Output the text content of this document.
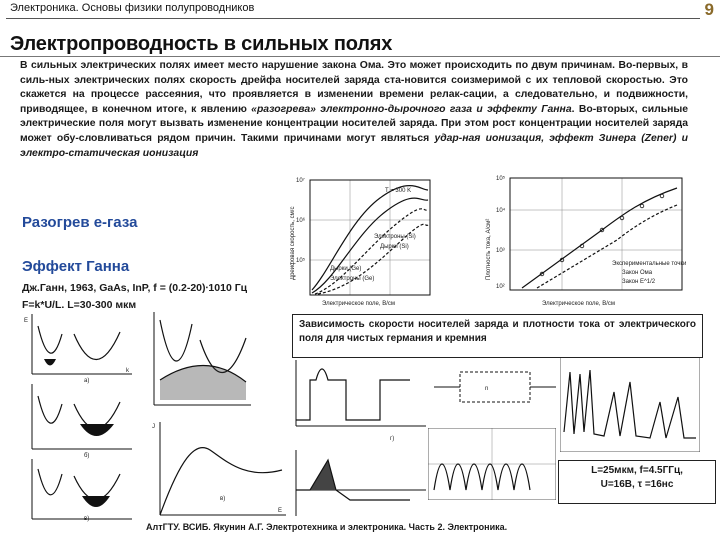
Электроника. Основы физики полупроводников	9
Электропроводность в сильных полях
В сильных электрических полях имеет место нарушение закона Ома. Это может происходить по двум причинам. Во-первых, в силь-ных электрических полях скорость дрейфа носителей заряда ста-новится соизмеримой с их тепловой скоростью. Это скажется на процессе рассеяния, что проявляется в изменении времени релак-сации, а следовательно, и подвижности, приводящее, в конечном итоге, к явлению «разогрева» электронно-дырочного газа и эффекту Ганна. Во-вторых, сильные электрические поля могут вызвать изменение концентрации носителей заряда. При этом рост концентрации носителей заряда может обу-словливаться рядом причин. Такими причинами могут являться удар-ная ионизация, эффект Зинера (Zener) и электро-статическая ионизация
10⁷
10⁶
10⁵
T = 300 K
Электроны (Si)
Дырки (Si)
Дырки (Ge)
Электроны (Ge)
Электрическое поле, В/см
Дрейфовая скорость, см/с
10⁵
10⁴
10³
10²
Экспериментальные точки
Закон Ома
Закон E^1/2
Электрическое поле, В/см
Плотность тока, А/см²
Разогрев е-газа
Эффект Ганна
Дж.Ганн, 1963, GaAs, InP, f = (0.2-20)∙1010 Гц
F=k*U/L. L=30-300 мкм
E
k
а)
б)
в)
J
E
в)
г)
n
Зависимость скорости носителей заряда и плотности тока от электрического поля для чистых германия и кремния
L=25мкм, f=4.5ГГц,
U=16B, τ =16нс
АлтГТУ. ВСИБ. Якунин А.Г. Электротехника и электроника. Часть 2. Электроника.
